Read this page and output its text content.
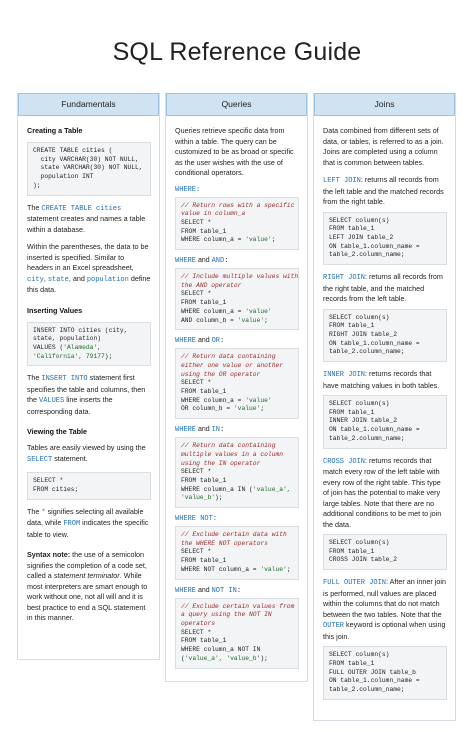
SQL Reference Guide
Fundamentals
Creating a Table
CREATE TABLE cities (
city VARCHAR(30) NOT NULL,
state VARCHAR(30) NOT NULL,
population INT
);
The CREATE TABLE cities statement creates and names a table within a database.
Within the parentheses, the data to be inserted is specified. Similar to headers in an Excel spreadsheet, city, state, and population define this data.
Inserting Values
INSERT INTO cities (city,
state, population)
VALUES ('Alameda',
'California', 79177);
The INSERT INTO statement first specifies the table and columns, then the VALUES line inserts the corresponding data.
Viewing the Table
Tables are easily viewed by using the SELECT statement.
SELECT *
FROM cities;
The * signifies selecting all available data, while FROM indicates the specific table to view.
Syntax note: the use of a semicolon signifies the completion of a code set, called a statement terminator. While most interpreters are smart enough to work without one, not all will and it is best practice to end a SQL statement in this manner.
Queries
Queries retrieve specific data from within a table. The query can be customized to be as broad or specific as the user wishes with the use of conditional operators.
WHERE:
// Return rows with a specific
value in column_a
SELECT *
FROM table_1
WHERE column_a = 'value';
WHERE and AND:
// Include multiple values with
the AND operator
SELECT *
FROM table_1
WHERE column_a = 'value'
AND column_b = 'value';
WHERE and OR:
// Return data containing
either one value or another
using the OR operator
SELECT *
FROM table_1
WHERE column_a = 'value'
OR column_b = 'value';
WHERE and IN:
// Return data containing
multiple values in a column
using the IN operator
SELECT *
FROM table_1
WHERE column_a IN ('value_a',
'value_b');
WHERE NOT:
// Exclude certain data with
the WHERE NOT operators
SELECT *
FROM table_1
WHERE NOT column_a = 'value';
WHERE and NOT IN:
// Exclude certain values from
a query using the NOT IN
operators
SELECT *
FROM table_1
WHERE column_a NOT IN
('value_a', 'value_b');
Joins
Data combined from different sets of data, or tables, is referred to as a join. Joins are completed using a column that is common between tables.
LEFT JOIN: returns all records from the left table and the matched records from the right table.
SELECT column(s)
FROM table_1
LEFT JOIN table_2
ON table_1.column_name =
table_2.column_name;
RIGHT JOIN: returns all records from the right table, and the matched records from the left table.
SELECT column(s)
FROM table_1
RIGHT JOIN table_2
ON table_1.column_name =
table_2.column_name;
INNER JOIN: returns records that have matching values in both tables.
SELECT column(s)
FROM table_1
INNER JOIN table_2
ON table_1.column_name =
table_2.column_name;
CROSS JOIN: returns records that match every row of the left table with every row of the right table. This type of join has the potential to make very large tables. Note that there are no additional conditions to be met to join the data.
SELECT column(s)
FROM table_1
CROSS JOIN table_2
FULL OUTER JOIN: After an inner join is performed, null values are placed within the columns that do not match between the two tables. Note that the OUTER keyword is optional when using this join.
SELECT column(s)
FROM table_1
FULL OUTER JOIN table_b
ON table_1.column_name =
table_2.column_name;
